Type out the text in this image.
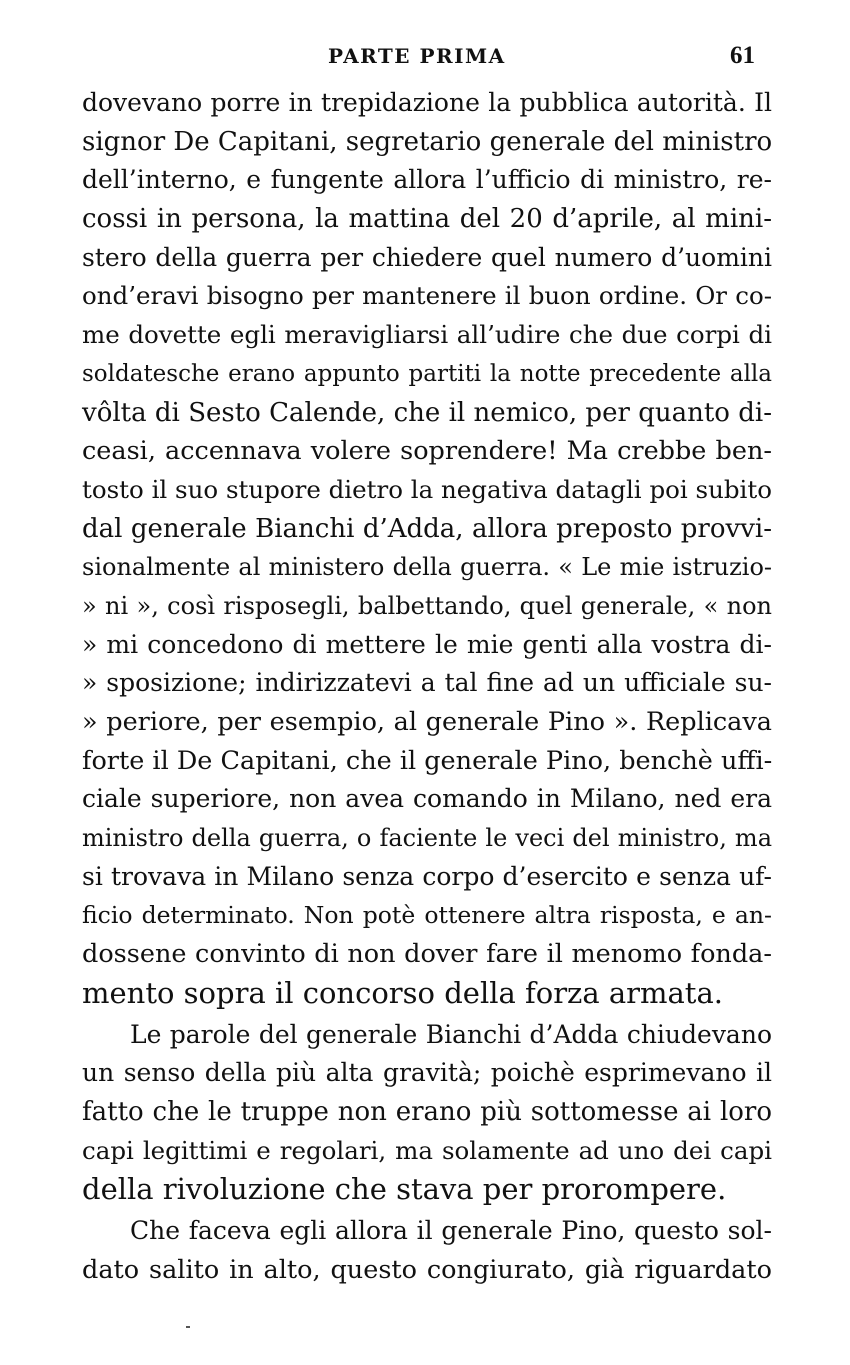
PARTE PRIMA	61
dovevano porre in trepidazione la pubblica autorità. Il
signor De Capitani, segretario generale del ministro
dell’interno, e fungente allora l’ufficio di ministro, re-
cossi in persona, la mattina del 20 d’aprile, al mini-
stero della guerra per chiedere quel numero d’uomini
ond’eravi bisogno per mantenere il buon ordine. Or co-
me dovette egli meravigliarsi all’udire che due corpi di
soldatesche erano appunto partiti la notte precedente alla
vôlta di Sesto Calende, che il nemico, per quanto di-
ceasi, accennava volere soprendere! Ma crebbe ben-
tosto il suo stupore dietro la negativa datagli poi subito
dal generale Bianchi d’Adda, allora preposto provvi-
sionalmente al ministero della guerra. « Le mie istruzio-
» ni », così risposegli, balbettando, quel generale, « non
» mi concedono di mettere le mie genti alla vostra di-
» sposizione; indirizzatevi a tal fine ad un ufficiale su-
» periore, per esempio, al generale Pino ». Replicava
forte il De Capitani, che il generale Pino, benchè uffi-
ciale superiore, non avea comando in Milano, ned era
ministro della guerra, o faciente le veci del ministro, ma
si trovava in Milano senza corpo d’esercito e senza uf-
ficio determinato. Non potè ottenere altra risposta, e an-
dossene convinto di non dover fare il menomo fonda-
mento sopra il concorso della forza armata.
Le parole del generale Bianchi d’Adda chiudevano
un senso della più alta gravità; poichè esprimevano il
fatto che le truppe non erano più sottomesse ai loro
capi legittimi e regolari, ma solamente ad uno dei capi
della rivoluzione che stava per prorompere.
Che faceva egli allora il generale Pino, questo sol-
dato salito in alto, questo congiurato, già riguardato
